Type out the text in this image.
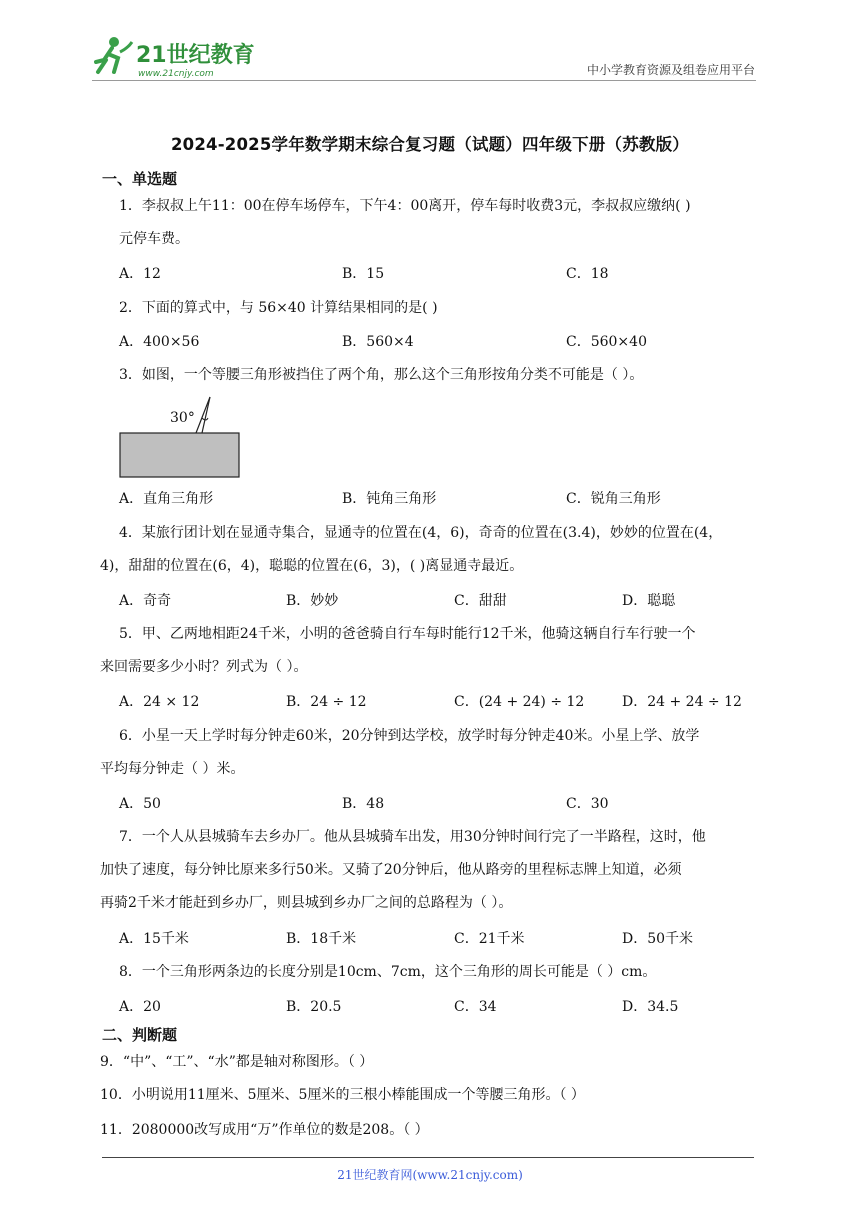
21世纪教育
www.21cnjy.com	中小学教育资源及组卷应用平台
2024-2025学年数学期末综合复习题（试题）四年级下册（苏教版）
一、单选题
1．李叔叔上午11：00在停车场停车，下午4：00离开，停车每时收费3元，李叔叔应缴纳( )
元停车费。
A．12	B．15	C．18
2．下面的算式中，与 56×40 计算结果相同的是( )
A．400×56	B．560×4	C．560×40
3．如图，一个等腰三角形被挡住了两个角，那么这个三角形按角分类不可能是（ ）。
30°
A．直角三角形	B．钝角三角形	C．锐角三角形
4．某旅行团计划在显通寺集合，显通寺的位置在(4，6)，奇奇的位置在(3.4)，妙妙的位置在(4，
4)，甜甜的位置在(6，4)，聪聪的位置在(6，3)，( )离显通寺最近。
A．奇奇	B．妙妙	C．甜甜	D．聪聪
5．甲、乙两地相距24千米，小明的爸爸骑自行车每时能行12千米，他骑这辆自行车行驶一个
来回需要多少小时？列式为（ ）。
A．24 × 12	B．24 ÷ 12	C．(24 + 24) ÷ 12	D．24 + 24 ÷ 12
6．小星一天上学时每分钟走60米，20分钟到达学校，放学时每分钟走40米。小星上学、放学
平均每分钟走（ ）米。
A．50	B．48	C．30
7．一个人从县城骑车去乡办厂。他从县城骑车出发，用30分钟时间行完了一半路程，这时，他
加快了速度，每分钟比原来多行50米。又骑了20分钟后，他从路旁的里程标志牌上知道，必须
再骑2千米才能赶到乡办厂，则县城到乡办厂之间的总路程为（ ）。
A．15千米	B．18千米	C．21千米	D．50千米
8．一个三角形两条边的长度分别是10cm、7cm，这个三角形的周长可能是（ ）cm。
A．20	B．20.5	C．34	D．34.5
二、判断题
9．“中”、“工”、“水”都是轴对称图形。（ ）
10．小明说用11厘米、5厘米、5厘米的三根小棒能围成一个等腰三角形。（ ）
11．2080000改写成用“万”作单位的数是208。（ ）
21世纪教育网(www.21cnjy.com)
